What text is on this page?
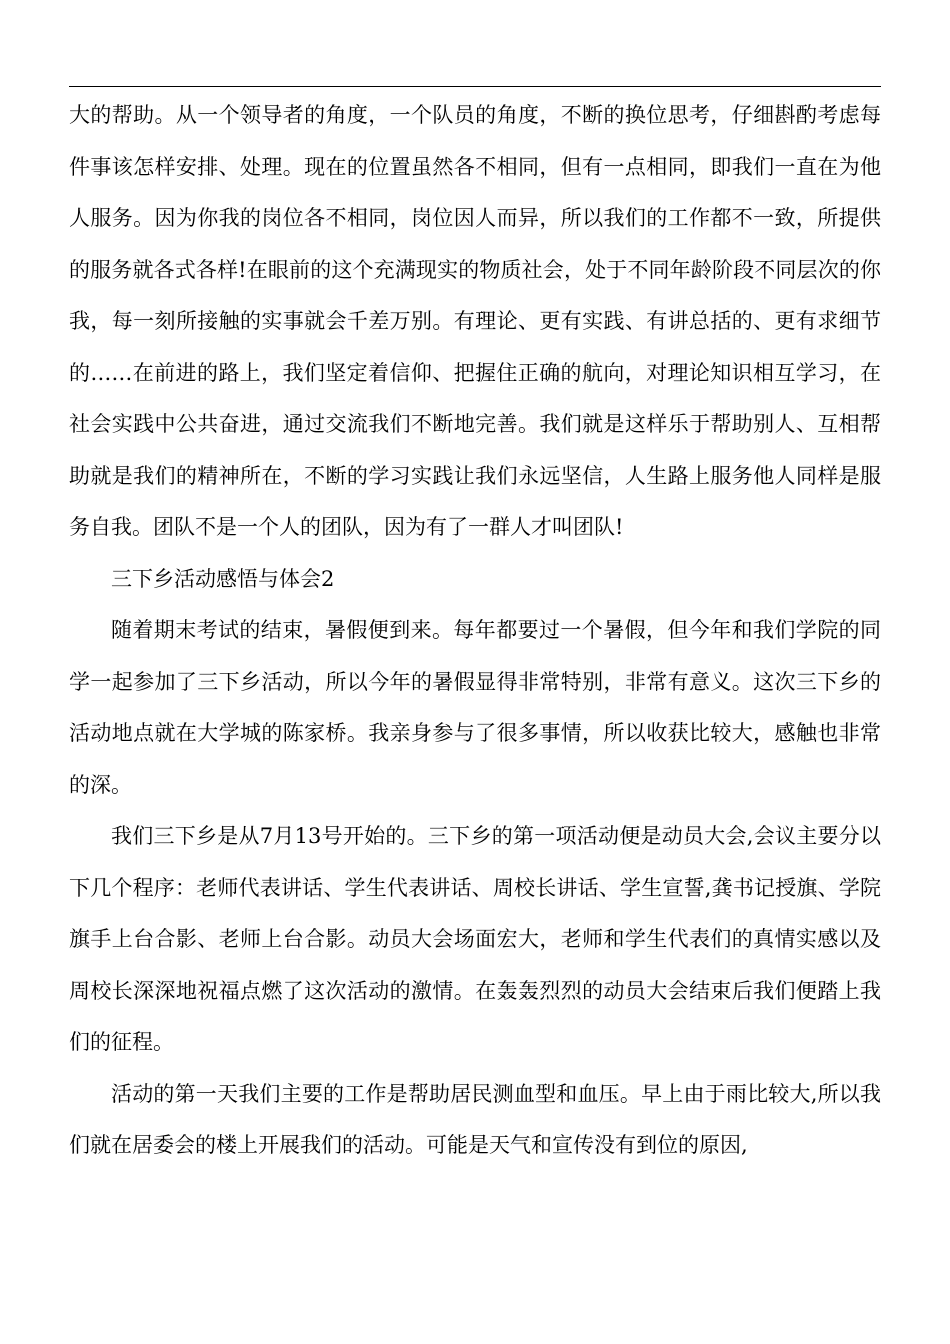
大的帮助。从一个领导者的角度，一个队员的角度，不断的换位思考，仔细斟酌考虑每件事该怎样安排、处理。现在的位置虽然各不相同，但有一点相同，即我们一直在为他人服务。因为你我的岗位各不相同，岗位因人而异，所以我们的工作都不一致，所提供的服务就各式各样!在眼前的这个充满现实的物质社会，处于不同年龄阶段不同层次的你我，每一刻所接触的实事就会千差万别。有理论、更有实践、有讲总括的、更有求细节的……在前进的路上，我们坚定着信仰、把握住正确的航向，对理论知识相互学习，在社会实践中公共奋进，通过交流我们不断地完善。我们就是这样乐于帮助别人、互相帮助就是我们的精神所在，不断的学习实践让我们永远坚信，人生路上服务他人同样是服务自我。团队不是一个人的团队，因为有了一群人才叫团队!

三下乡活动感悟与体会2

随着期末考试的结束，暑假便到来。每年都要过一个暑假，但今年和我们学院的同学一起参加了三下乡活动，所以今年的暑假显得非常特别，非常有意义。这次三下乡的活动地点就在大学城的陈家桥。我亲身参与了很多事情，所以收获比较大，感触也非常的深。

我们三下乡是从7月13号开始的。三下乡的第一项活动便是动员大会,会议主要分以下几个程序：老师代表讲话、学生代表讲话、周校长讲话、学生宣誓,龚书记授旗、学院旗手上台合影、老师上台合影。动员大会场面宏大，老师和学生代表们的真情实感以及周校长深深地祝福点燃了这次活动的激情。在轰轰烈烈的动员大会结束后我们便踏上我们的征程。

活动的第一天我们主要的工作是帮助居民测血型和血压。早上由于雨比较大,所以我们就在居委会的楼上开展我们的活动。可能是天气和宣传没有到位的原因,
